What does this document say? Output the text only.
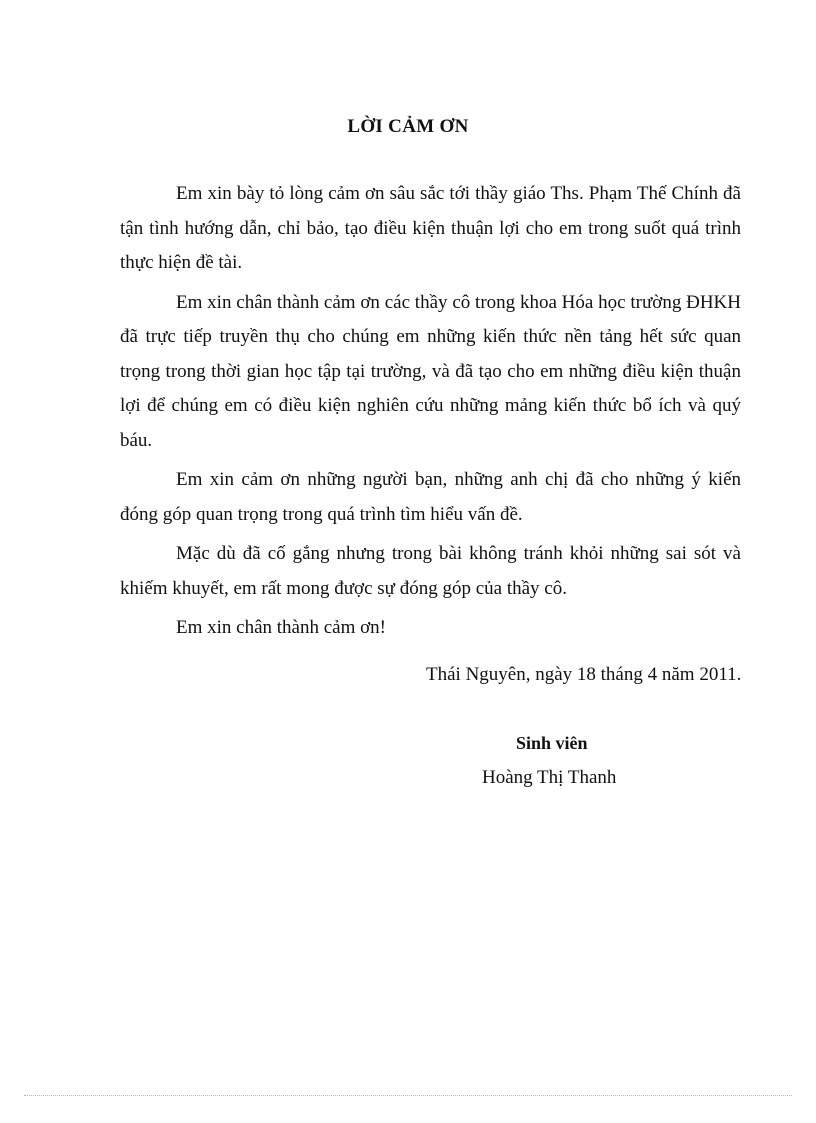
LỜI CẢM ƠN

Em xin bày tỏ lòng cảm ơn sâu sắc tới thầy giáo Ths. Phạm Thế Chính đã tận tình hướng dẫn, chỉ bảo, tạo điều kiện thuận lợi cho em trong suốt quá trình thực hiện đề tài.

Em xin chân thành cảm ơn các thầy cô trong khoa Hóa học trường ĐHKH đã trực tiếp truyền thụ cho chúng em những kiến thức nền tảng hết sức quan trọng trong thời gian học tập tại trường, và đã tạo cho em những điều kiện thuận lợi để chúng em có điều kiện nghiên cứu những mảng kiến thức bổ ích và quý báu.

Em xin cảm ơn những người bạn, những anh chị đã cho những ý kiến đóng góp quan trọng trong quá trình tìm hiểu vấn đề.

Mặc dù đã cố gắng nhưng trong bài không tránh khỏi những sai sót và khiếm khuyết, em rất mong được sự đóng góp của thầy cô.

Em xin chân thành cảm ơn!

Thái Nguyên, ngày 18 tháng 4 năm 2011.

Sinh viên

Hoàng Thị Thanh
